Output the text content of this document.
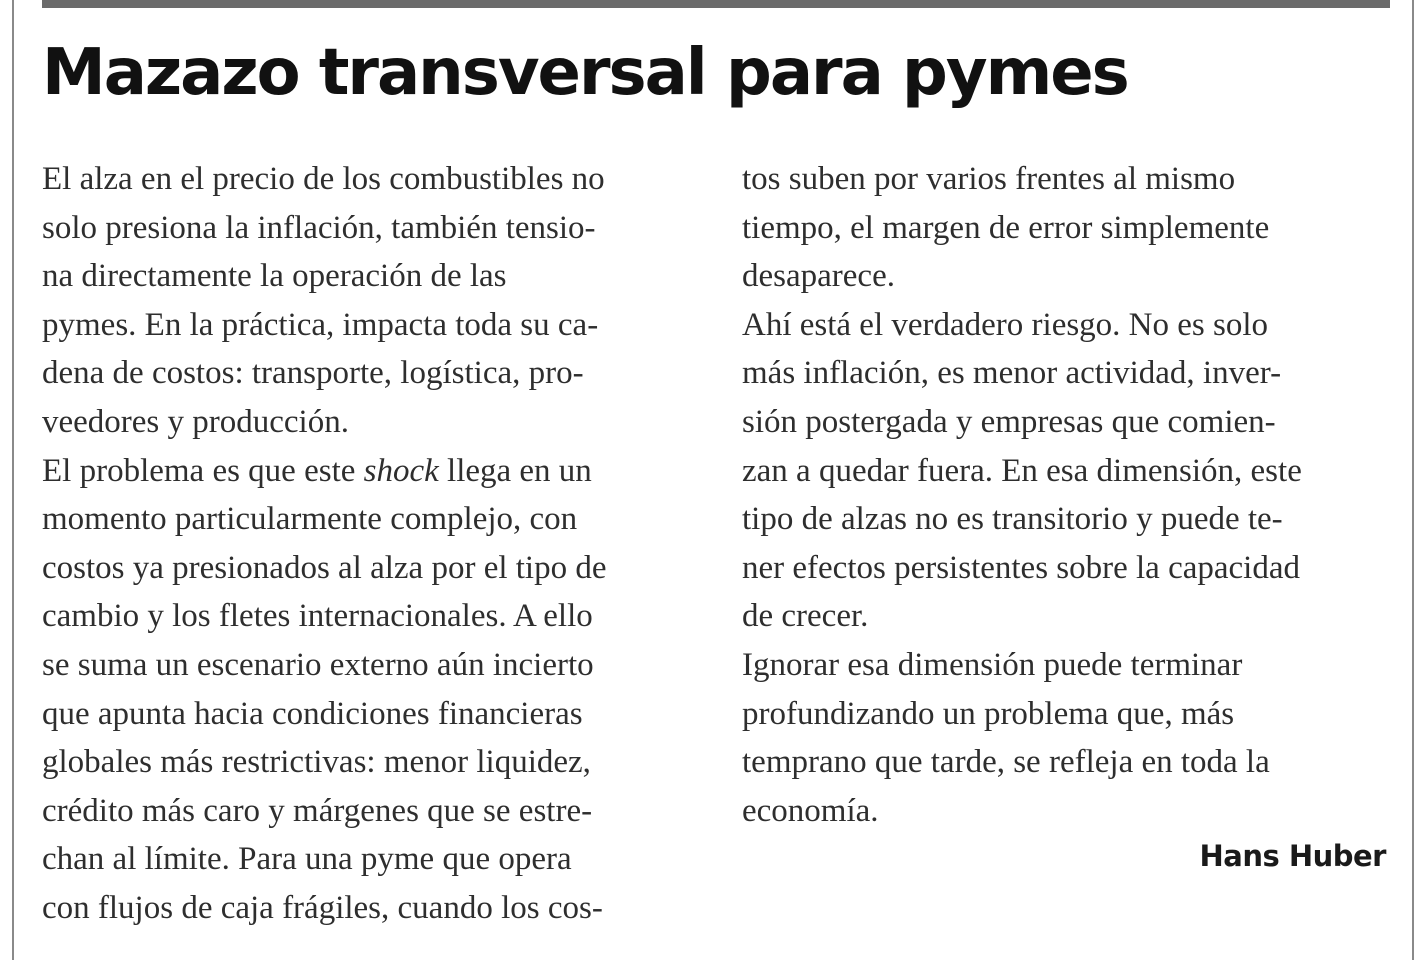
Mazazo transversal para pymes
El alza en el precio de los combustibles no
solo presiona la inflación, también tensio-
na directamente la operación de las
pymes. En la práctica, impacta toda su ca-
dena de costos: transporte, logística, pro-
veedores y producción.
El problema es que este shock llega en un
momento particularmente complejo, con
costos ya presionados al alza por el tipo de
cambio y los fletes internacionales. A ello
se suma un escenario externo aún incierto
que apunta hacia condiciones financieras
globales más restrictivas: menor liquidez,
crédito más caro y márgenes que se estre-
chan al límite. Para una pyme que opera
con flujos de caja frágiles, cuando los cos-
tos suben por varios frentes al mismo
tiempo, el margen de error simplemente
desaparece.
Ahí está el verdadero riesgo. No es solo
más inflación, es menor actividad, inver-
sión postergada y empresas que comien-
zan a quedar fuera. En esa dimensión, este
tipo de alzas no es transitorio y puede te-
ner efectos persistentes sobre la capacidad
de crecer.
Ignorar esa dimensión puede terminar
profundizando un problema que, más
temprano que tarde, se refleja en toda la
economía.
Hans Huber
